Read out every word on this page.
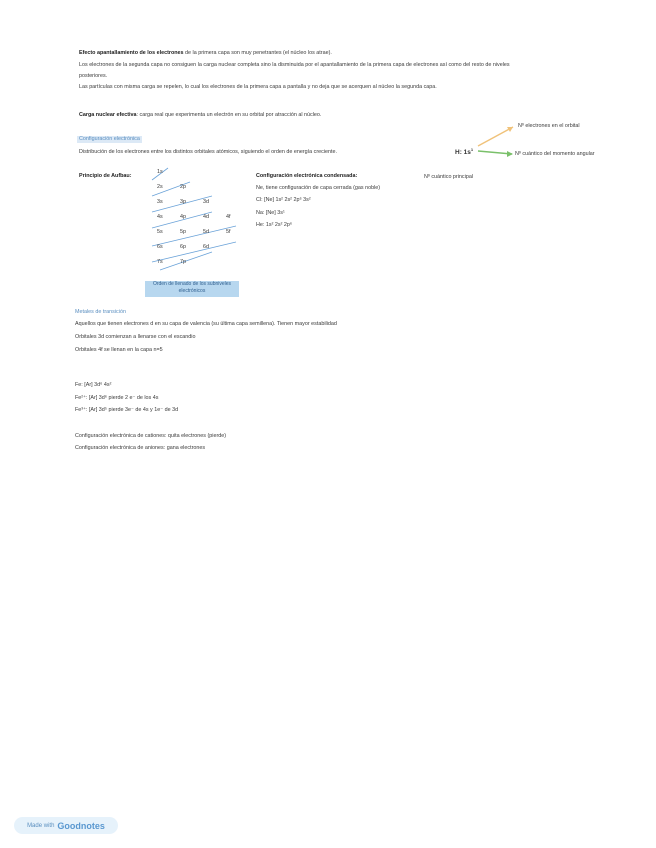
Efecto apantallamiento de los electrones de la primera capa son muy penetrantes (el núcleo los atrae).
Los electrones de la segunda capa no consiguen la carga nuclear completa sino la disminuida por el apantallamiento de la primera capa de electrones así como del resto de niveles
posteriores.
Las partículas con misma carga se repelen, lo cual los electrones de la primera capa a pantalla y no deja que se acerquen al núcleo la segunda capa.
Carga nuclear efectiva: carga real que experimenta un electrón en su orbital por atracción al núcleo.
Configuración electrónica
Distribución de los electrones entre los distintos orbitales atómicos, siguiendo el orden de energía creciente.	H: $1s^1$
Nº electrones en el orbital
Nº cuántico del momento angular
Nº cuántico principal
Principio de Aufbau:
1s
2s	2p
3s	3p	3d
4s	4p	4d	4f
5s	5p	5d	5f
6s	6p	6d
7s	7p
Orden de llenado de los subniveles electrónicos
Configuración electrónica condensada:
Ne, tiene configuración de capa cerrada (gas noble)
Cl: [Ne] 1s² 2s² 2p⁶ 3s²
Na: [Ne] 3s¹
He: 1s² 2s² 2p⁶
Metales de transición
Aquellos que tienen electrones d en su capa de valencia (su última capa semillena). Tienen mayor estabilidad
Orbitales 3d comienzan a llenarse con el escandio
Orbitales 4f se llenan en la capa n=5
Fe: [Ar] 3d⁶ 4s²
Fe²⁺: [Ar] 3d⁶ pierde 2 e⁻ de los 4s
Fe³⁺: [Ar] 3d⁵ pierde 3e⁻ de 4s y 1e⁻ de 3d
Configuración electrónica de cationes: quita electrones (pierde)
Configuración electrónica de aniones: gana electrones
Made with Goodnotes
